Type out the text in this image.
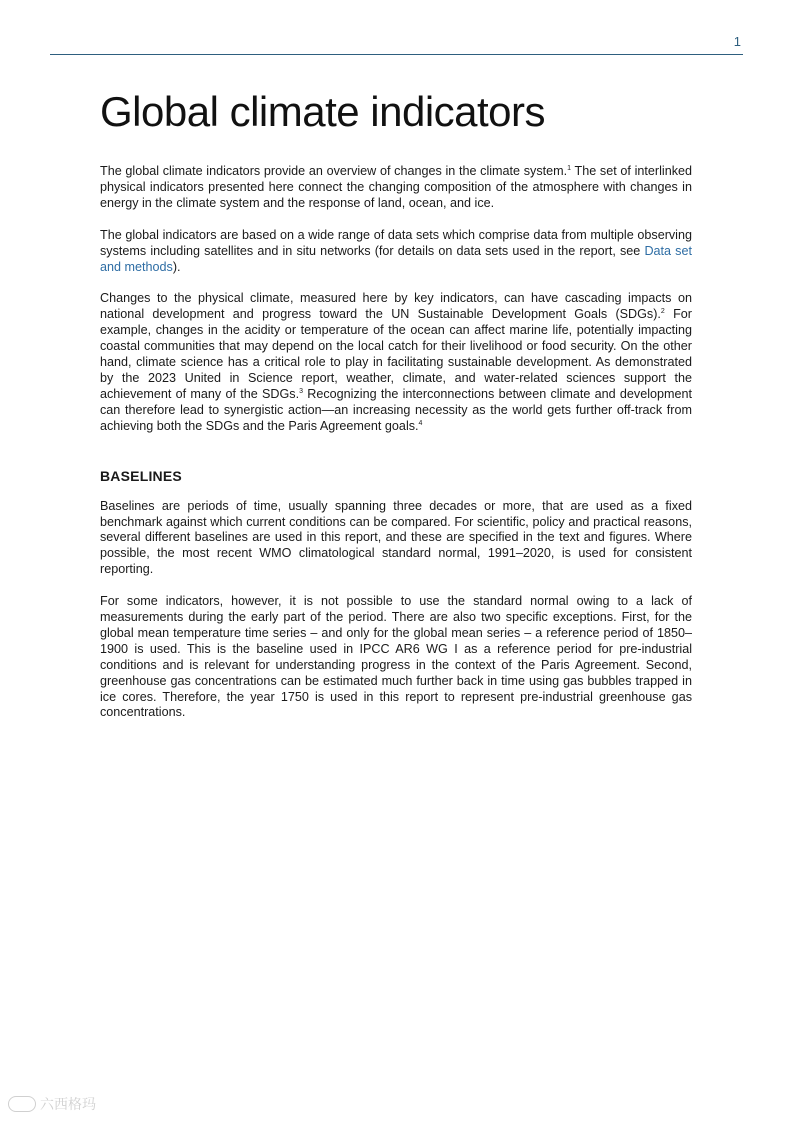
1
Global climate indicators

The global climate indicators provide an overview of changes in the climate system.$^1$ The set of interlinked physical indicators presented here connect the changing composition of the atmosphere with changes in energy in the climate system and the response of land, ocean, and ice.

The global indicators are based on a wide range of data sets which comprise data from multiple observing systems including satellites and in situ networks (for details on data sets used in the report, see Data set and methods).

Changes to the physical climate, measured here by key indicators, can have cascading impacts on national development and progress toward the UN Sustainable Development Goals (SDGs).$^2$ For example, changes in the acidity or temperature of the ocean can affect marine life, potentially impacting coastal communities that may depend on the local catch for their livelihood or food security. On the other hand, climate science has a critical role to play in facilitating sustainable development. As demonstrated by the 2023 United in Science report, weather, climate, and water-related sciences support the achievement of many of the SDGs.$^3$ Recognizing the interconnections between climate and development can therefore lead to synergistic action—an increasing necessity as the world gets further off-track from achieving both the SDGs and the Paris Agreement goals.$^4$

BASELINES

Baselines are periods of time, usually spanning three decades or more, that are used as a fixed benchmark against which current conditions can be compared. For scientific, policy and practical reasons, several different baselines are used in this report, and these are specified in the text and figures. Where possible, the most recent WMO climatological standard normal, 1991–2020, is used for consistent reporting.

For some indicators, however, it is not possible to use the standard normal owing to a lack of measurements during the early part of the period. There are also two specific exceptions. First, for the global mean temperature time series – and only for the global mean series – a reference period of 1850–1900 is used. This is the baseline used in IPCC AR6 WG I as a reference period for pre-industrial conditions and is relevant for understanding progress in the context of the Paris Agreement. Second, greenhouse gas concentrations can be estimated much further back in time using gas bubbles trapped in ice cores. Therefore, the year 1750 is used in this report to represent pre-industrial greenhouse gas concentrations.

六西格玛
